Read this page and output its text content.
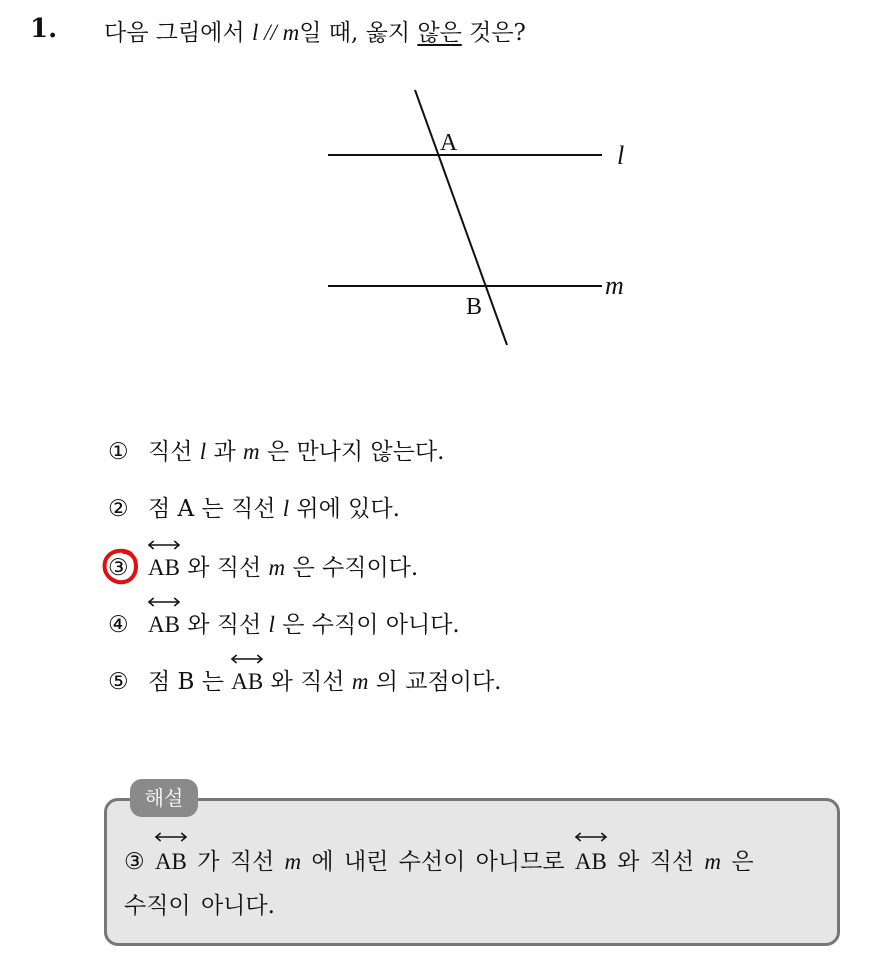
1. 다음 그림에서 l // m일 때, 옳지 않은 것은?
A
B
l
m
① 직선 l 과 m 은 만나지 않는다.
② 점 A 는 직선 l 위에 있다.
③ AB 와 직선 m 은 수직이다.
④ AB 와 직선 l 은 수직이 아니다.
⑤ 점 B 는
AB 와 직선 m 의 교점이다.
해설
③ AB 가 직선 m 에 내린 수선이 아니므로
AB 와 직선 m 은
수직이 아니다.
